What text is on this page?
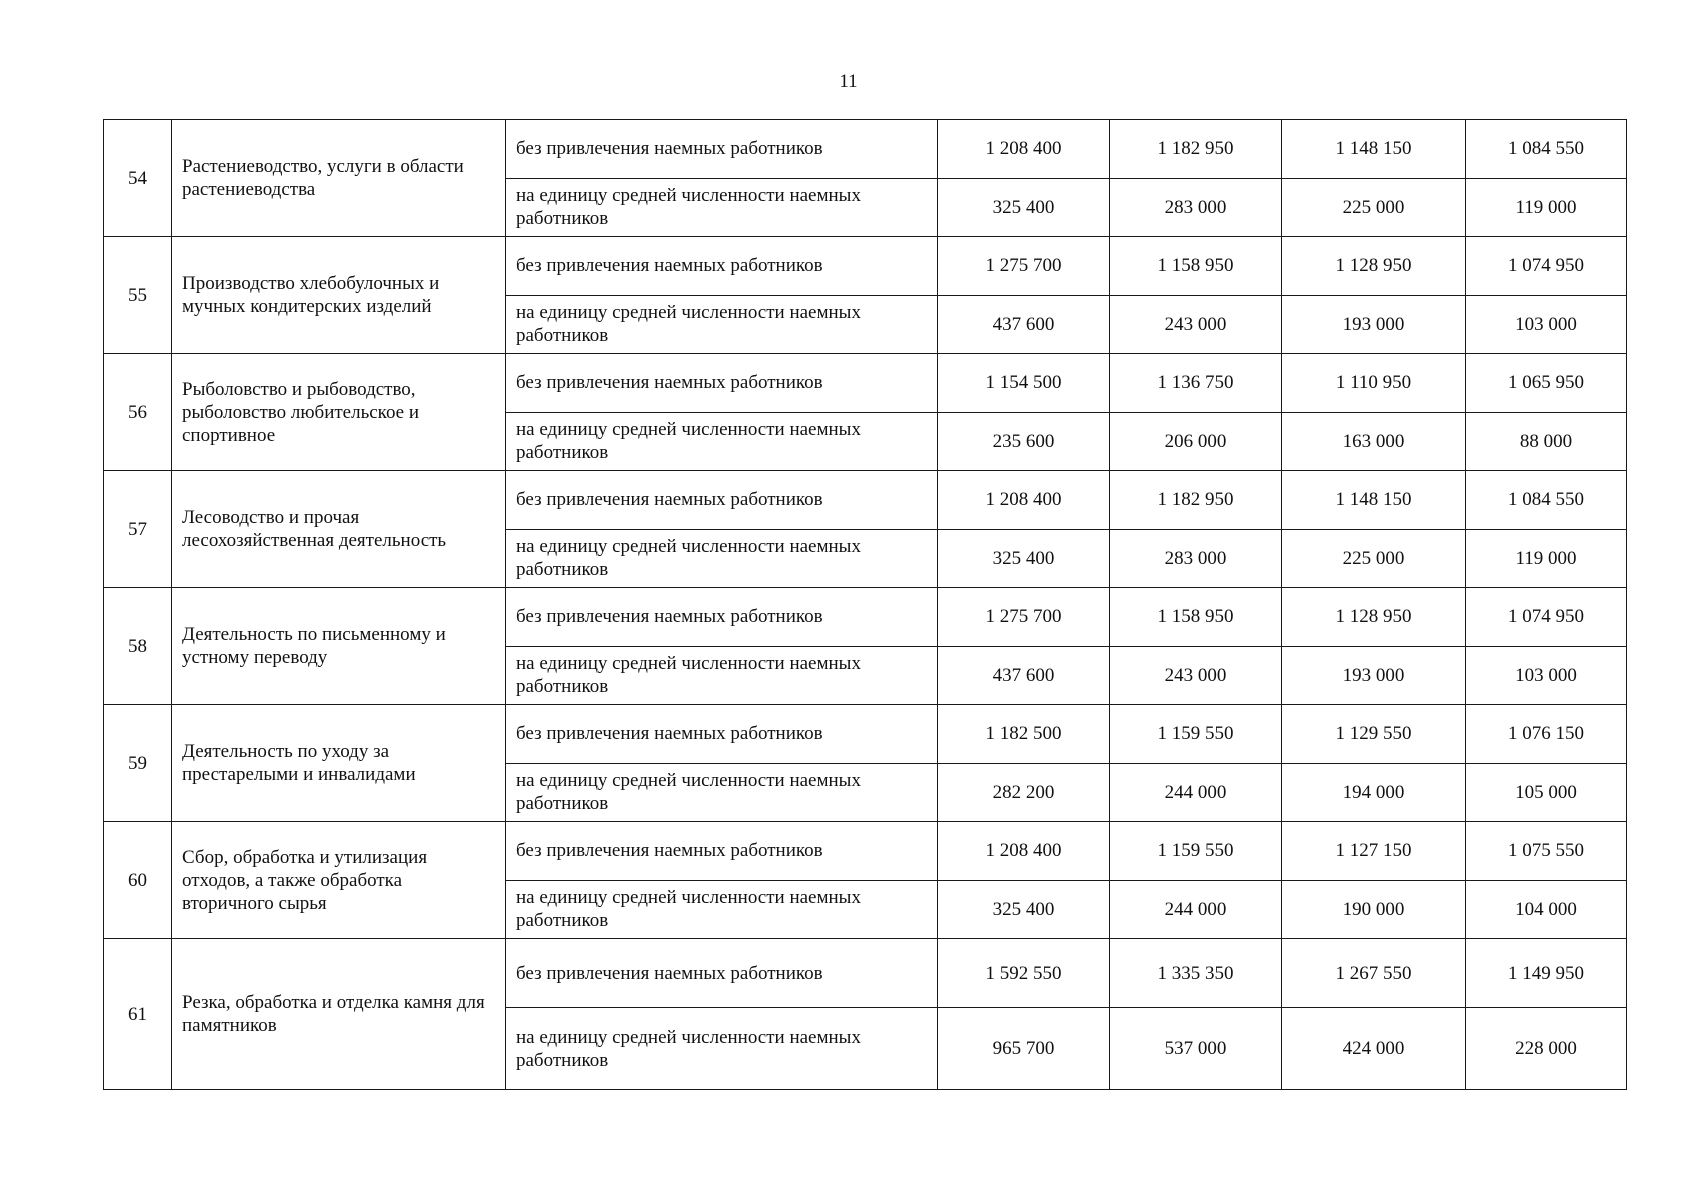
11
54	Растениеводство, услуги в области растениеводства	без привлечения наемных работников	1 208 400	1 182 950	1 148 150	1 084 550
		на единицу средней численности наемных работников	325 400	283 000	225 000	119 000
55	Производство хлебобулочных и мучных кондитерских изделий	без привлечения наемных работников	1 275 700	1 158 950	1 128 950	1 074 950
		на единицу средней численности наемных работников	437 600	243 000	193 000	103 000
56	Рыболовство и рыбоводство, рыболовство любительское и спортивное	без привлечения наемных работников	1 154 500	1 136 750	1 110 950	1 065 950
		на единицу средней численности наемных работников	235 600	206 000	163 000	88 000
57	Лесоводство и прочая лесохозяйственная деятельность	без привлечения наемных работников	1 208 400	1 182 950	1 148 150	1 084 550
		на единицу средней численности наемных работников	325 400	283 000	225 000	119 000
58	Деятельность по письменному и устному переводу	без привлечения наемных работников	1 275 700	1 158 950	1 128 950	1 074 950
		на единицу средней численности наемных работников	437 600	243 000	193 000	103 000
59	Деятельность по уходу за престарелыми и инвалидами	без привлечения наемных работников	1 182 500	1 159 550	1 129 550	1 076 150
		на единицу средней численности наемных работников	282 200	244 000	194 000	105 000
60	Сбор, обработка и утилизация отходов, а также обработка вторичного сырья	без привлечения наемных работников	1 208 400	1 159 550	1 127 150	1 075 550
		на единицу средней численности наемных работников	325 400	244 000	190 000	104 000
61	Резка, обработка и отделка камня для памятников	без привлечения наемных работников	1 592 550	1 335 350	1 267 550	1 149 950
		на единицу средней численности наемных работников	965 700	537 000	424 000	228 000
